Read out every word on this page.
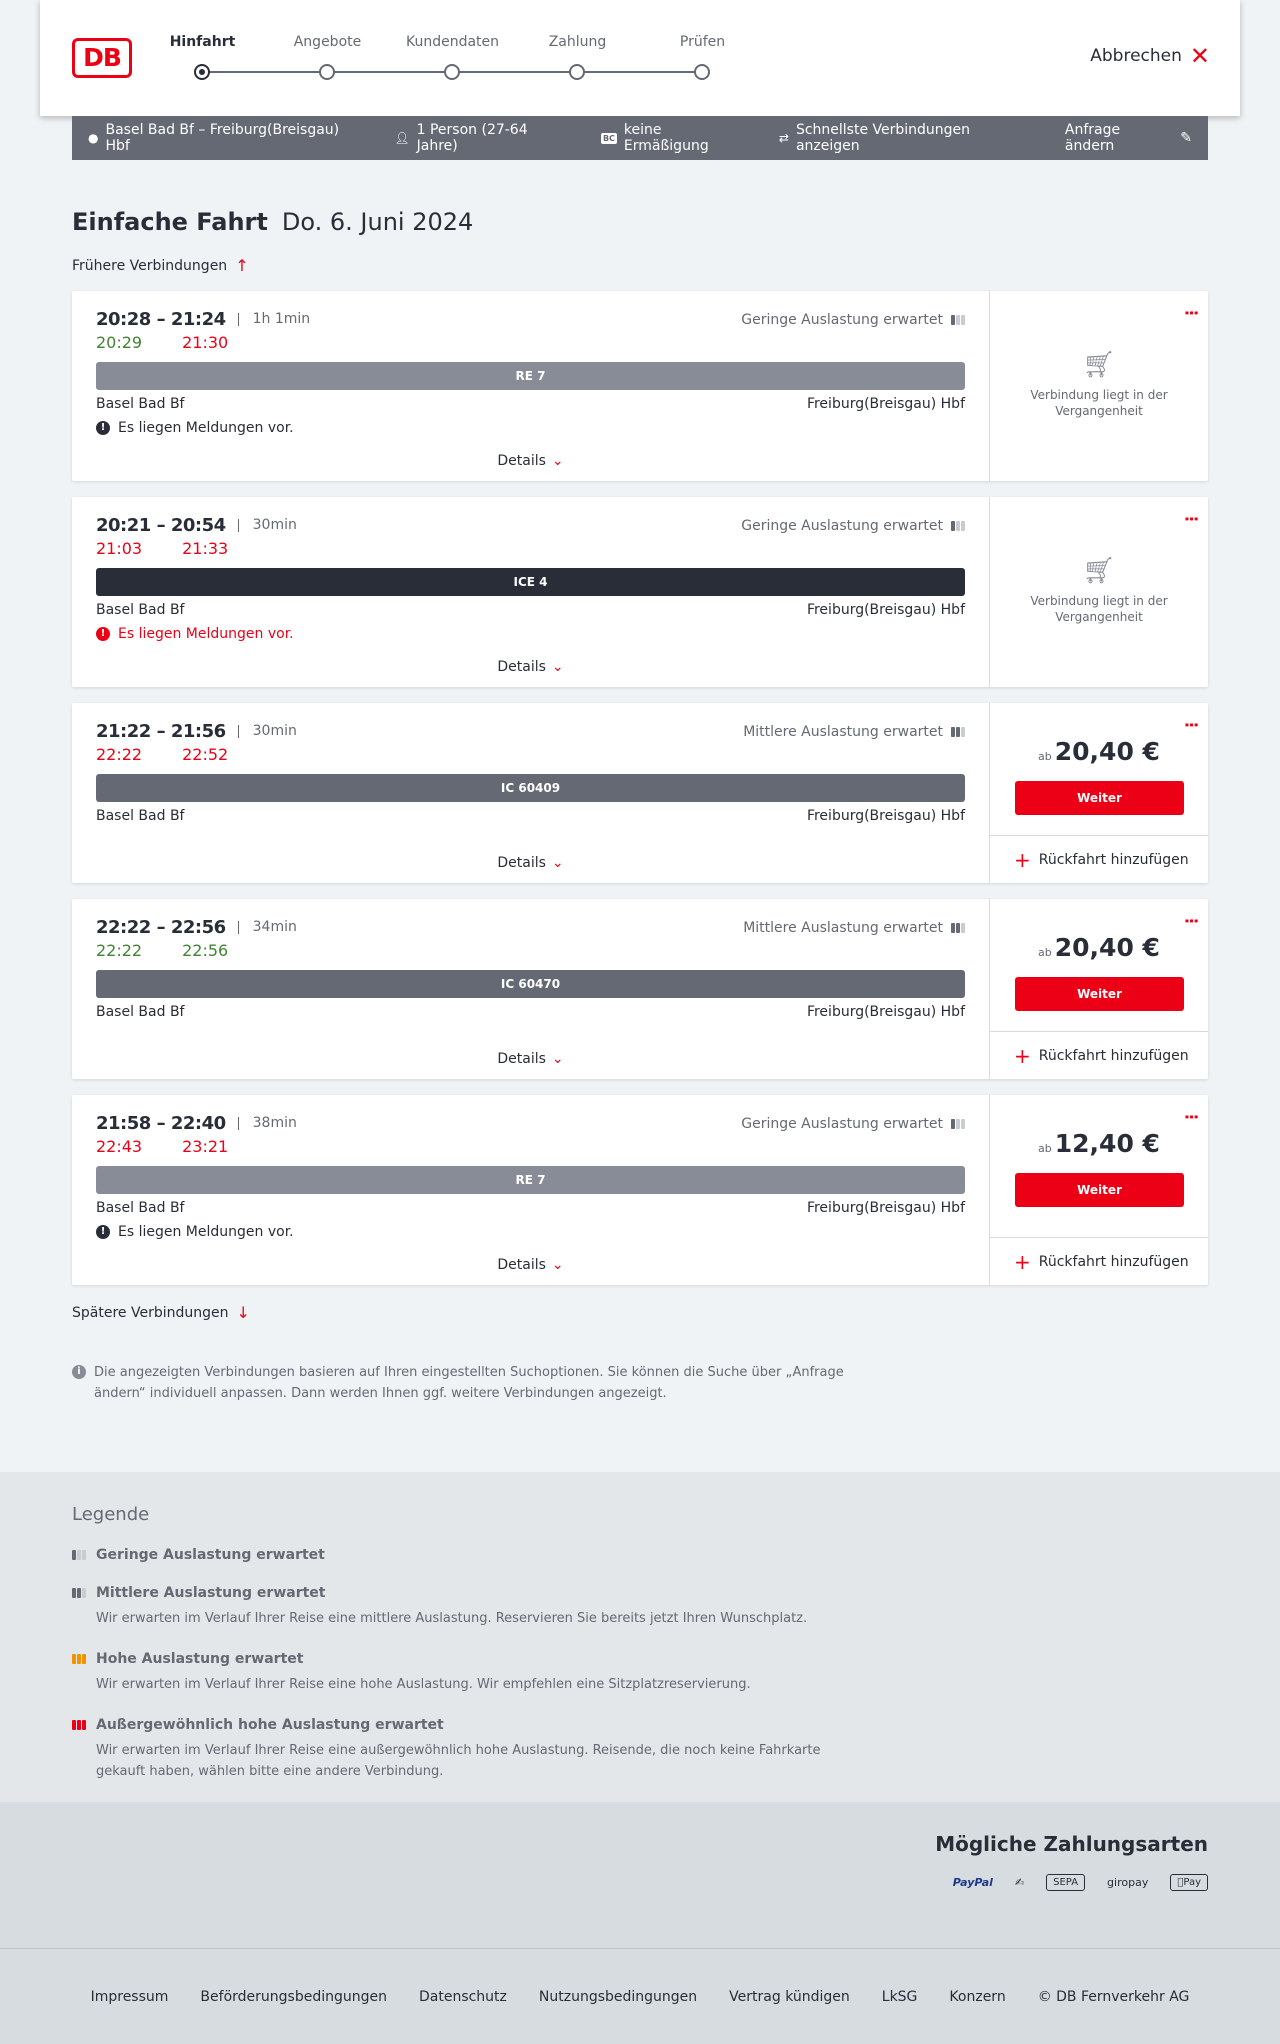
DB
Hinfahrt	Angebote	Kundendaten	Zahlung	Prüfen
Abbrechen ✕
● Basel Bad Bf – Freiburg(Breisgau) Hbf	👤︎ 1 Person (27-64 Jahre)	BC keine Ermäßigung	⇄ Schnellste Verbindungen anzeigen
Anfrage ändern	✎
Einfache Fahrt Do. 6. Juni 2024
Frühere Verbindungen ↑
20:28 – 21:24	1h 1min	Geringe Auslastung erwartet
20:29	21:30
RE 7
Basel Bad Bf	Freiburg(Breisgau) Hbf
! Es liegen Meldungen vor.
Details ⌄
⋮
🛒︎
Verbindung liegt in der Vergangenheit
20:21 – 20:54	30min	Geringe Auslastung erwartet
21:03	21:33
ICE 4
Basel Bad Bf	Freiburg(Breisgau) Hbf
! Es liegen Meldungen vor.
Details ⌄
⋮
🛒︎
Verbindung liegt in der Vergangenheit
21:22 – 21:56	30min	Mittlere Auslastung erwartet
22:22	22:52
IC 60409
Basel Bad Bf	Freiburg(Breisgau) Hbf
Details ⌄
⋮
ab 20,40 €
Weiter
+ Rückfahrt hinzufügen
22:22 – 22:56	34min	Mittlere Auslastung erwartet
22:22	22:56
IC 60470
Basel Bad Bf	Freiburg(Breisgau) Hbf
Details ⌄
⋮
ab 20,40 €
Weiter
+ Rückfahrt hinzufügen
21:58 – 22:40	38min	Geringe Auslastung erwartet
22:43	23:21
RE 7
Basel Bad Bf	Freiburg(Breisgau) Hbf
! Es liegen Meldungen vor.
Details ⌄
⋮
ab 12,40 €
Weiter
+ Rückfahrt hinzufügen
Spätere Verbindungen ↓
i	Die angezeigten Verbindungen basieren auf Ihren eingestellten Suchoptionen. Sie können die Suche über „Anfrage ändern“ individuell anpassen. Dann werden Ihnen ggf. weitere Verbindungen angezeigt.
Legende
Geringe Auslastung erwartet
Mittlere Auslastung erwartet
Wir erwarten im Verlauf Ihrer Reise eine mittlere Auslastung. Reservieren Sie bereits jetzt Ihren Wunschplatz.
Hohe Auslastung erwartet
Wir erwarten im Verlauf Ihrer Reise eine hohe Auslastung. Wir empfehlen eine Sitzplatzreservierung.
Außergewöhnlich hohe Auslastung erwartet
Wir erwarten im Verlauf Ihrer Reise eine außergewöhnlich hohe Auslastung. Reisende, die noch keine Fahrkarte gekauft haben, wählen bitte eine andere Verbindung.
Mögliche Zahlungsarten
PayPal	✍	SEPA	giropay	Pay
Impressum Beförderungsbedingungen Datenschutz Nutzungsbedingungen Vertrag kündigen LkSG Konzern © DB Fernverkehr AG
